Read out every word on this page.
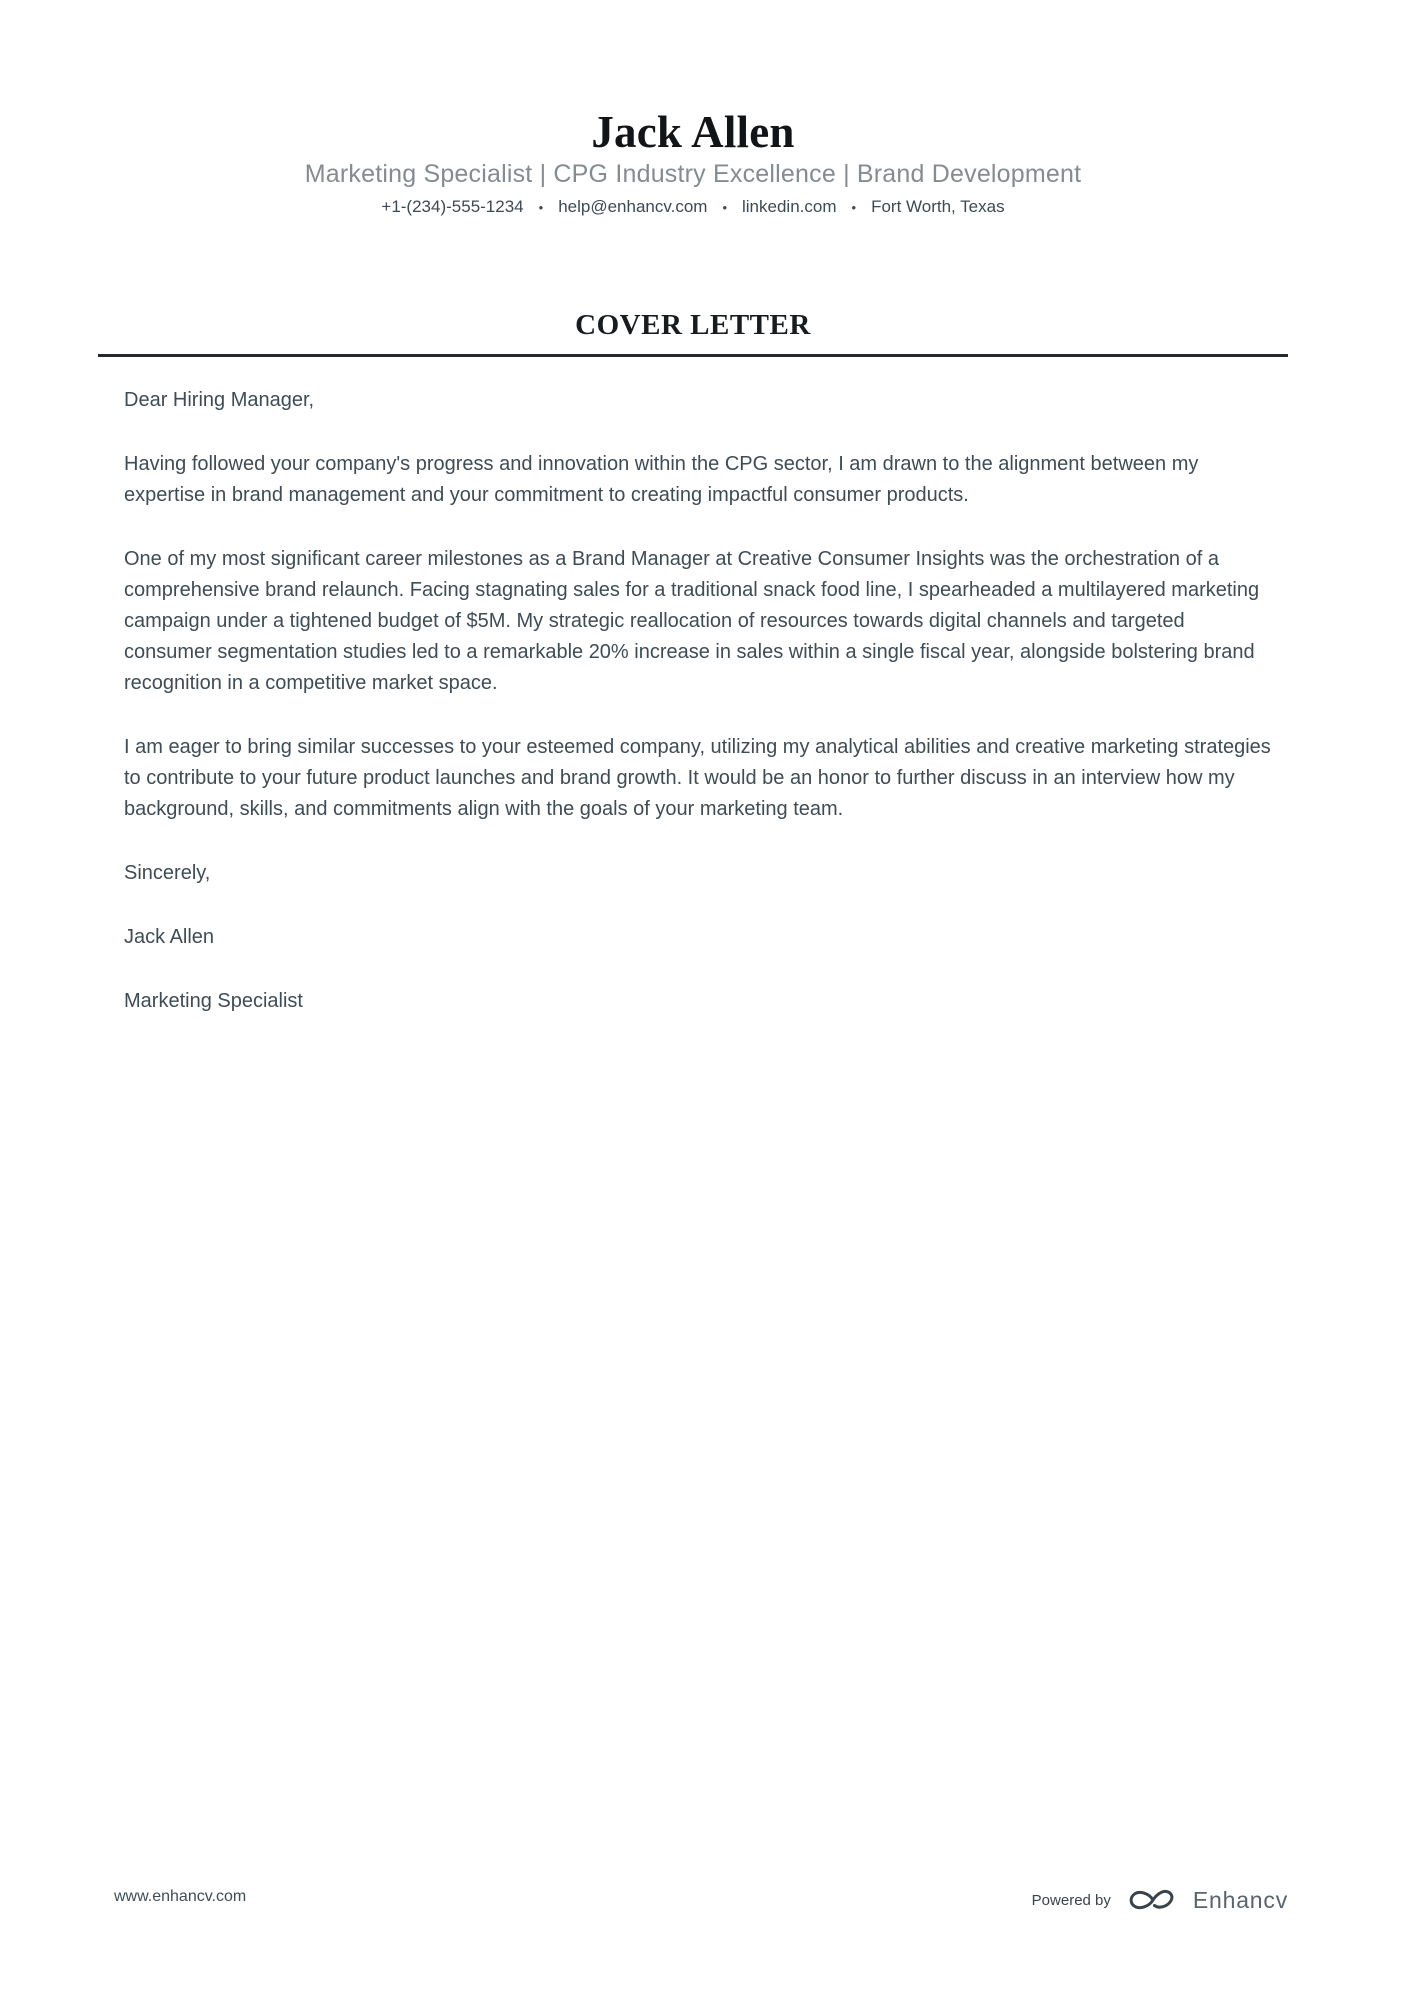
Jack Allen
Marketing Specialist | CPG Industry Excellence | Brand Development
+1-(234)-555-1234 • help@enhancv.com • linkedin.com • Fort Worth, Texas
COVER LETTER

Dear Hiring Manager,

Having followed your company's progress and innovation within the CPG sector, I am drawn to the alignment between my expertise in brand management and your commitment to creating impactful consumer products.

One of my most significant career milestones as a Brand Manager at Creative Consumer Insights was the orchestration of a comprehensive brand relaunch. Facing stagnating sales for a traditional snack food line, I spearheaded a multilayered marketing campaign under a tightened budget of $5M. My strategic reallocation of resources towards digital channels and targeted consumer segmentation studies led to a remarkable 20% increase in sales within a single fiscal year, alongside bolstering brand recognition in a competitive market space.

I am eager to bring similar successes to your esteemed company, utilizing my analytical abilities and creative marketing strategies to contribute to your future product launches and brand growth. It would be an honor to further discuss in an interview how my background, skills, and commitments align with the goals of your marketing team.

Sincerely,

Jack Allen

Marketing Specialist

www.enhancv.com	Powered by	Enhancv
